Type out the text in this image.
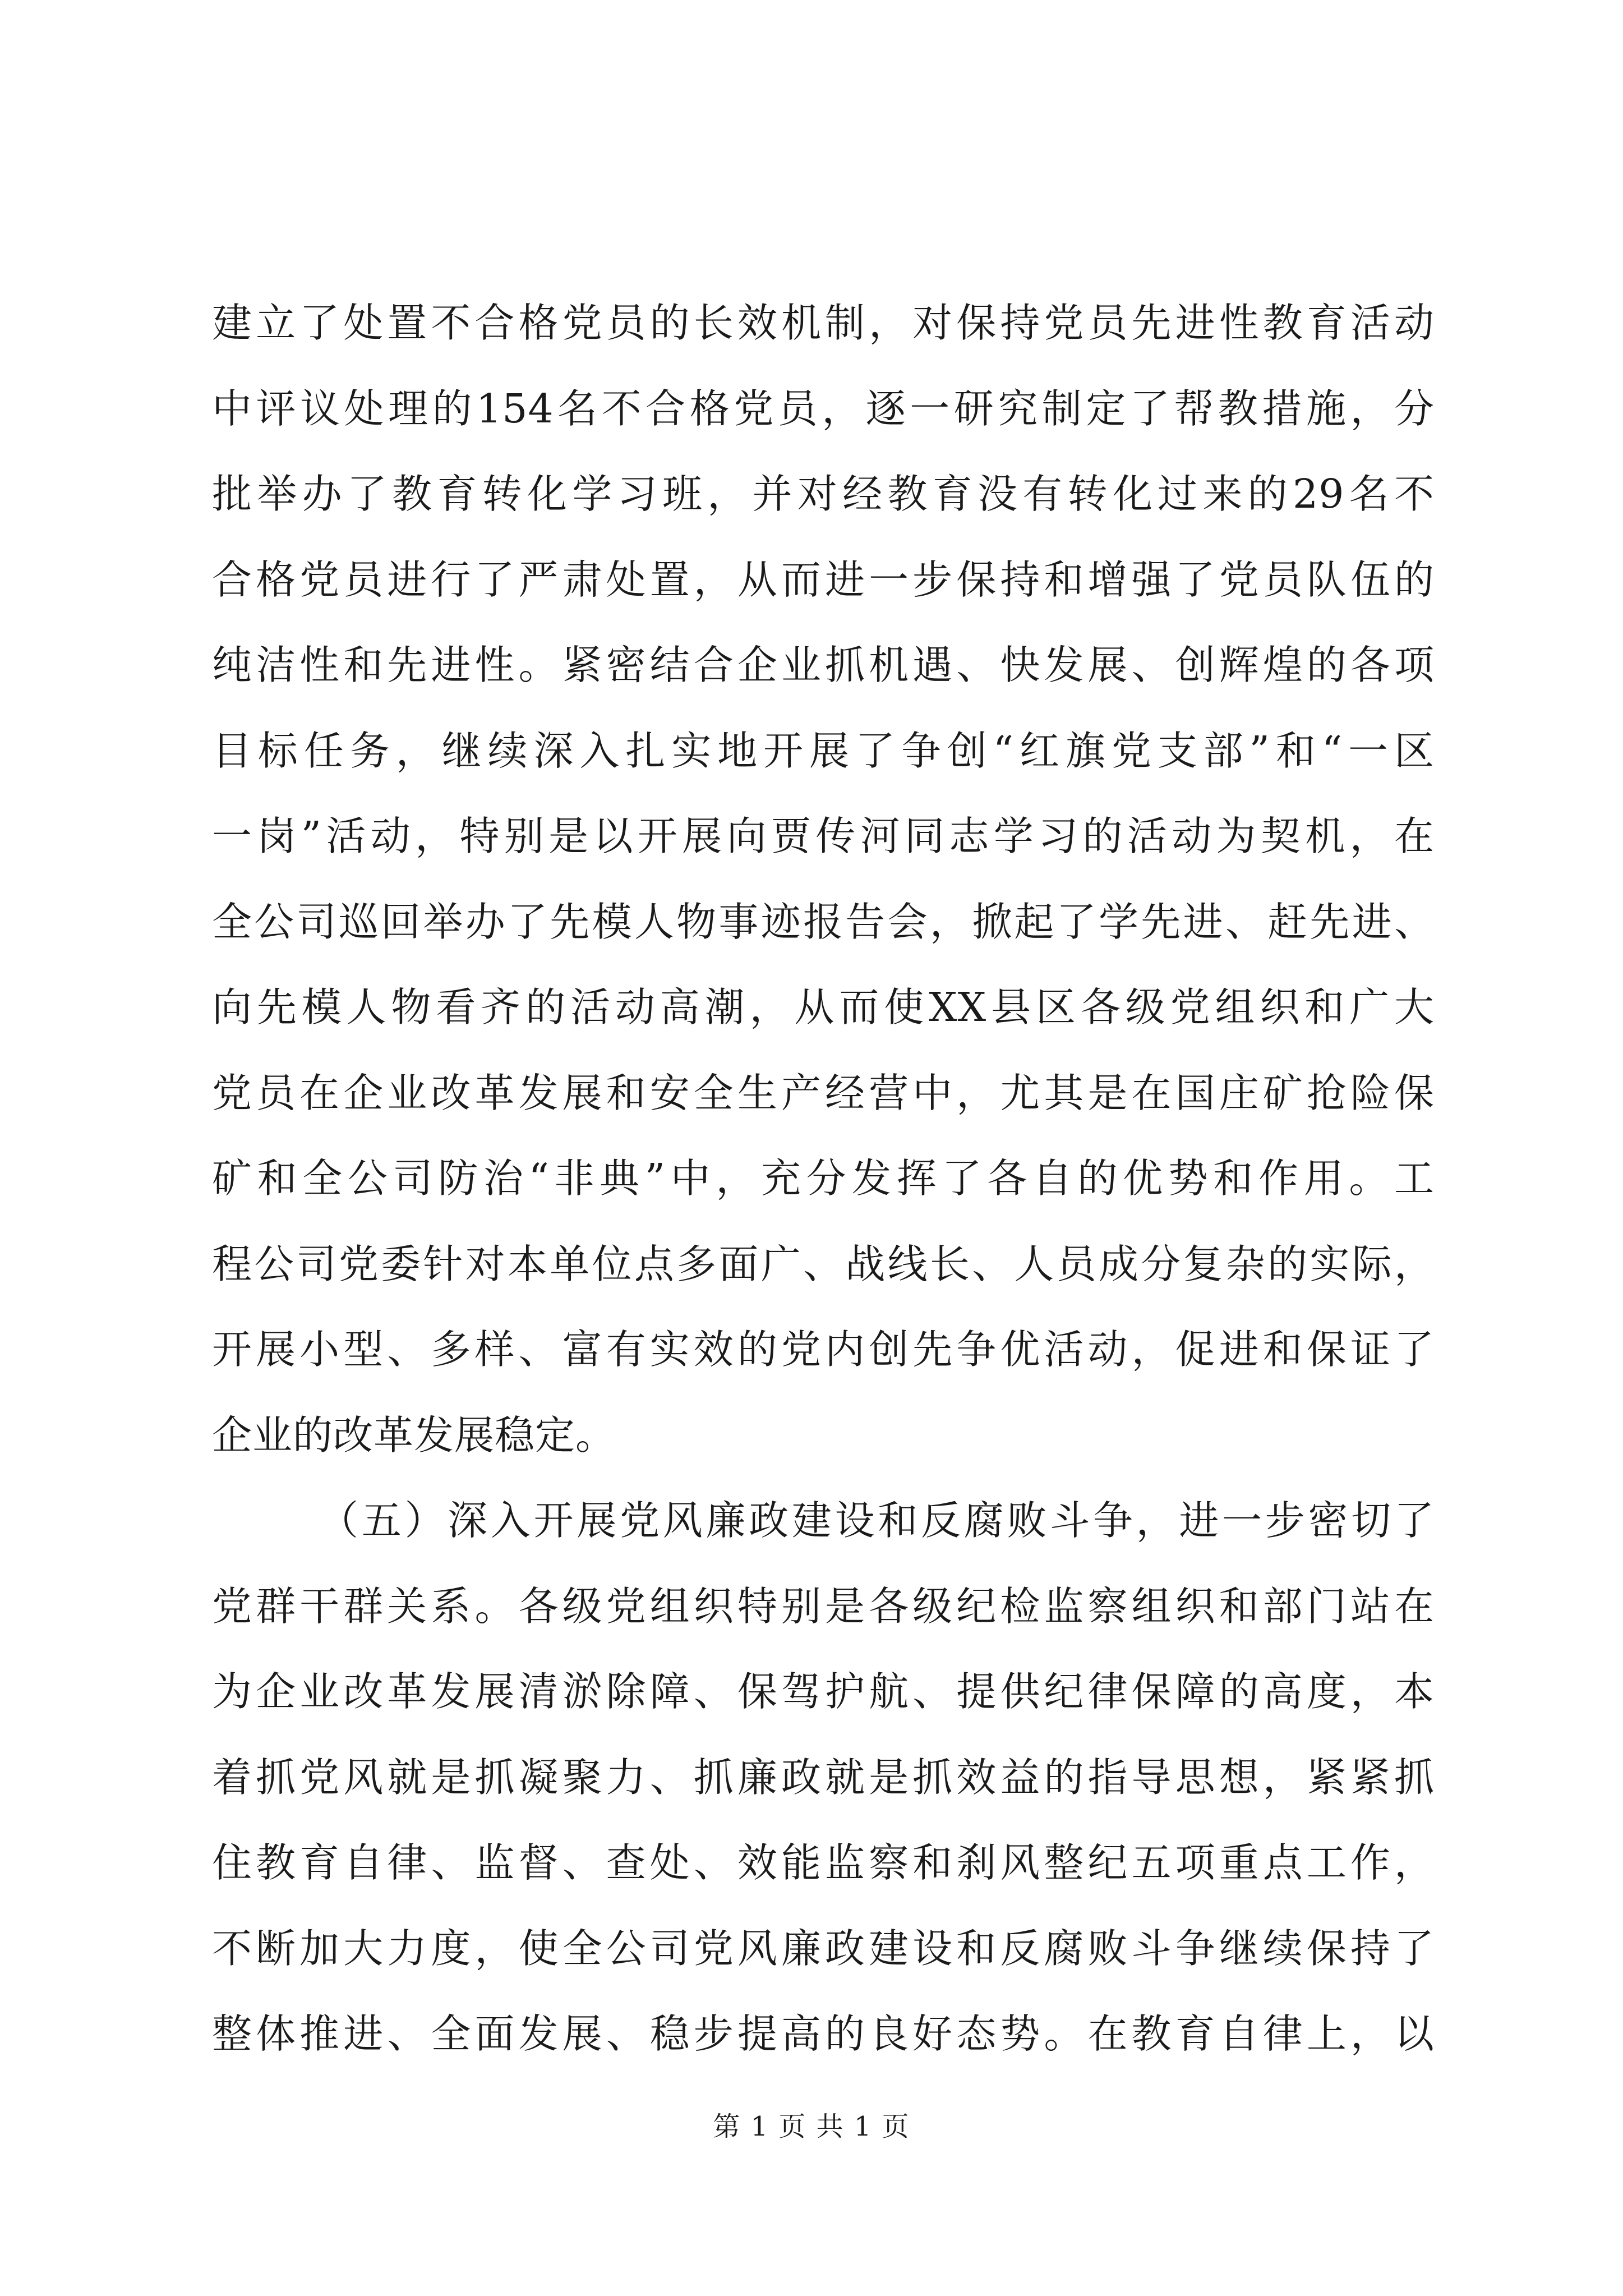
建立了处置不合格党员的长效机制，对保持党员先进性教育活动
中评议处理的154名不合格党员，逐一研究制定了帮教措施，分
批举办了教育转化学习班，并对经教育没有转化过来的29名不
合格党员进行了严肃处置，从而进一步保持和增强了党员队伍的
纯洁性和先进性。紧密结合企业抓机遇、快发展、创辉煌的各项
目标任务，继续深入扎实地开展了争创“红旗党支部”和“一区
一岗”活动，特别是以开展向贾传河同志学习的活动为契机，在
全公司巡回举办了先模人物事迹报告会，掀起了学先进、赶先进、
向先模人物看齐的活动高潮，从而使XX县区各级党组织和广大
党员在企业改革发展和安全生产经营中，尤其是在国庄矿抢险保
矿和全公司防治“非典”中，充分发挥了各自的优势和作用。工
程公司党委针对本单位点多面广、战线长、人员成分复杂的实际，
开展小型、多样、富有实效的党内创先争优活动，促进和保证了
企业的改革发展稳定。
（五）深入开展党风廉政建设和反腐败斗争，进一步密切了
党群干群关系。各级党组织特别是各级纪检监察组织和部门站在
为企业改革发展清淤除障、保驾护航、提供纪律保障的高度，本
着抓党风就是抓凝聚力、抓廉政就是抓效益的指导思想，紧紧抓
住教育自律、监督、查处、效能监察和刹风整纪五项重点工作，
不断加大力度，使全公司党风廉政建设和反腐败斗争继续保持了
整体推进、全面发展、稳步提高的良好态势。在教育自律上，以
第 1 页 共 1 页
